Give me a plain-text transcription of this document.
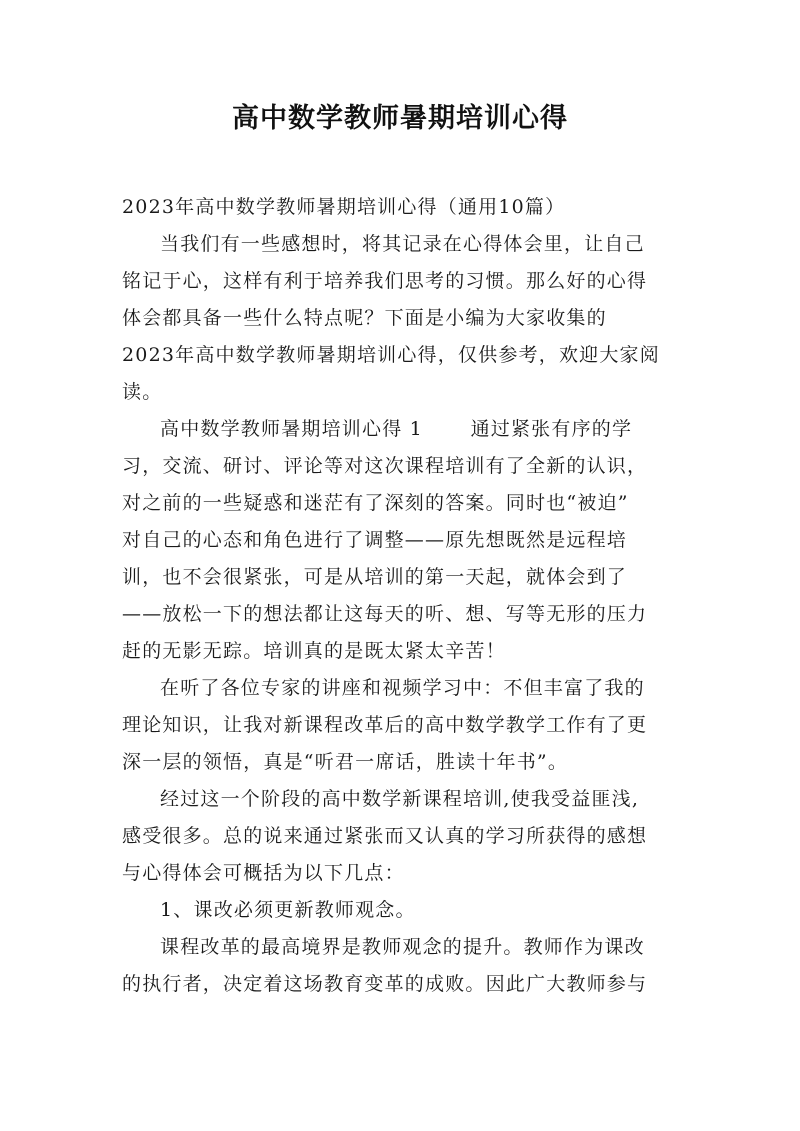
高中数学教师暑期培训心得
2023年高中数学教师暑期培训心得（通用10篇）
当我们有一些感想时，将其记录在心得体会里，让自己
铭记于心，这样有利于培养我们思考的习惯。那么好的心得
体会都具备一些什么特点呢？下面是小编为大家收集的
2023年高中数学教师暑期培训心得，仅供参考，欢迎大家阅
读。
高中数学教师暑期培训心得 1　　 通过紧张有序的学
习，交流、研讨、评论等对这次课程培训有了全新的认识，
对之前的一些疑惑和迷茫有了深刻的答案。同时也“被迫”
对自己的心态和角色进行了调整——原先想既然是远程培
训，也不会很紧张，可是从培训的第一天起，就体会到了
——放松一下的想法都让这每天的听、想、写等无形的压力
赶的无影无踪。培训真的是既太紧太辛苦！
在听了各位专家的讲座和视频学习中：不但丰富了我的
理论知识，让我对新课程改革后的高中数学教学工作有了更
深一层的领悟，真是“听君一席话，胜读十年书”。
经过这一个阶段的高中数学新课程培训,使我受益匪浅,
感受很多。总的说来通过紧张而又认真的学习所获得的感想
与心得体会可概括为以下几点：
1、课改必须更新教师观念。
课程改革的最高境界是教师观念的提升。教师作为课改
的执行者，决定着这场教育变革的成败。因此广大教师参与
